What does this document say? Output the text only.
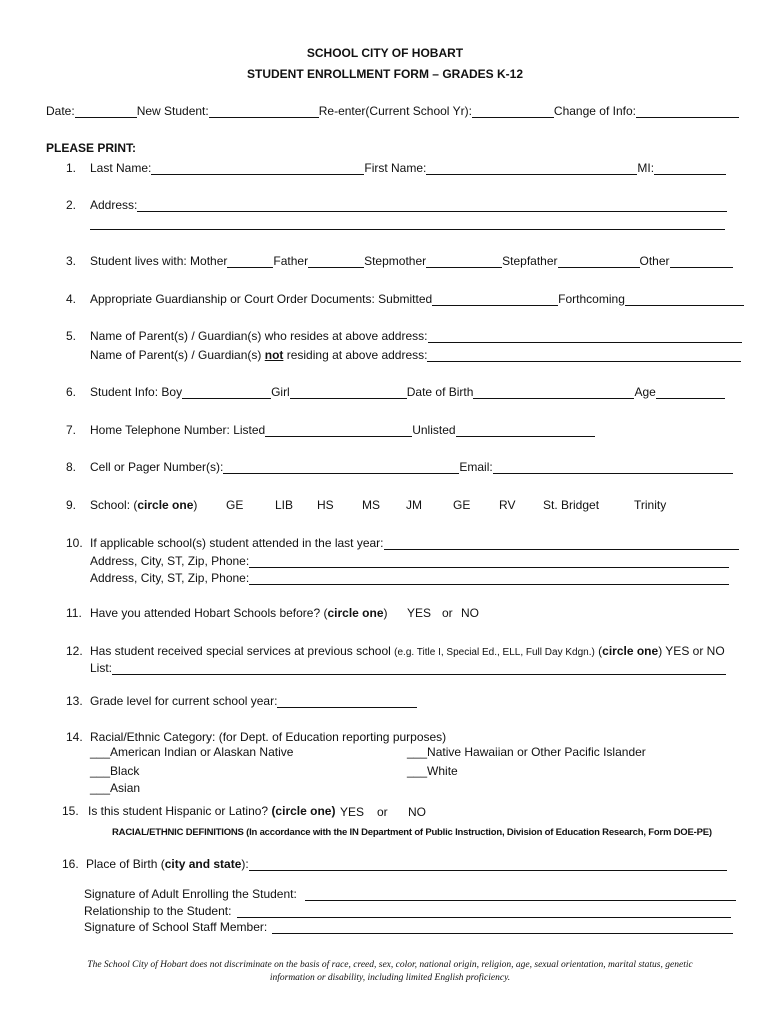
SCHOOL CITY OF HOBART
STUDENT ENROLLMENT FORM – GRADES K-12
Date:	New Student:	Re-enter(Current School Yr):	Change of Info:
PLEASE PRINT:
1. Last Name:	First Name:	MI:
2. Address:
3. Student lives with: Mother	Father	Stepmother	Stepfather	Other
4. Appropriate Guardianship or Court Order Documents: Submitted	Forthcoming
5. Name of Parent(s) / Guardian(s) who resides at above address:
Name of Parent(s) / Guardian(s) not residing at above address:
6. Student Info: Boy	Girl	Date of Birth	Age
7. Home Telephone Number: Listed	Unlisted
8. Cell or Pager Number(s):	Email:
9. School: (circle one) GE	LIB HS MS JM	GE RV St. Bridget	Trinity
10. If applicable school(s) student attended in the last year:
Address, City, ST, Zip, Phone:
Address, City, ST, Zip, Phone:
11. Have you attended Hobart Schools before? (circle one) YES or NO
12. Has student received special services at previous school (e.g. Title I, Special Ed., ELL, Full Day Kdgn.) (circle one) YES or NO
List:
13. Grade level for current school year:
14. Racial/Ethnic Category: (for Dept. of Education reporting purposes)
___American Indian or Alaskan Native
___Black
___Asian
___Native Hawaiian or Other Pacific Islander
___White
15. Is this student Hispanic or Latino? (circle one) YES or NO
RACIAL/ETHNIC DEFINITIONS (In accordance with the IN Department of Public Instruction, Division of Education Research, Form DOE-PE)
16. Place of Birth (city and state):
Signature of Adult Enrolling the Student:
Relationship to the Student:
Signature of School Staff Member:
The School City of Hobart does not discriminate on the basis of race, creed, sex, color, national origin, religion, age, sexual orientation, marital status, genetic
information or disability, including limited English proficiency.
